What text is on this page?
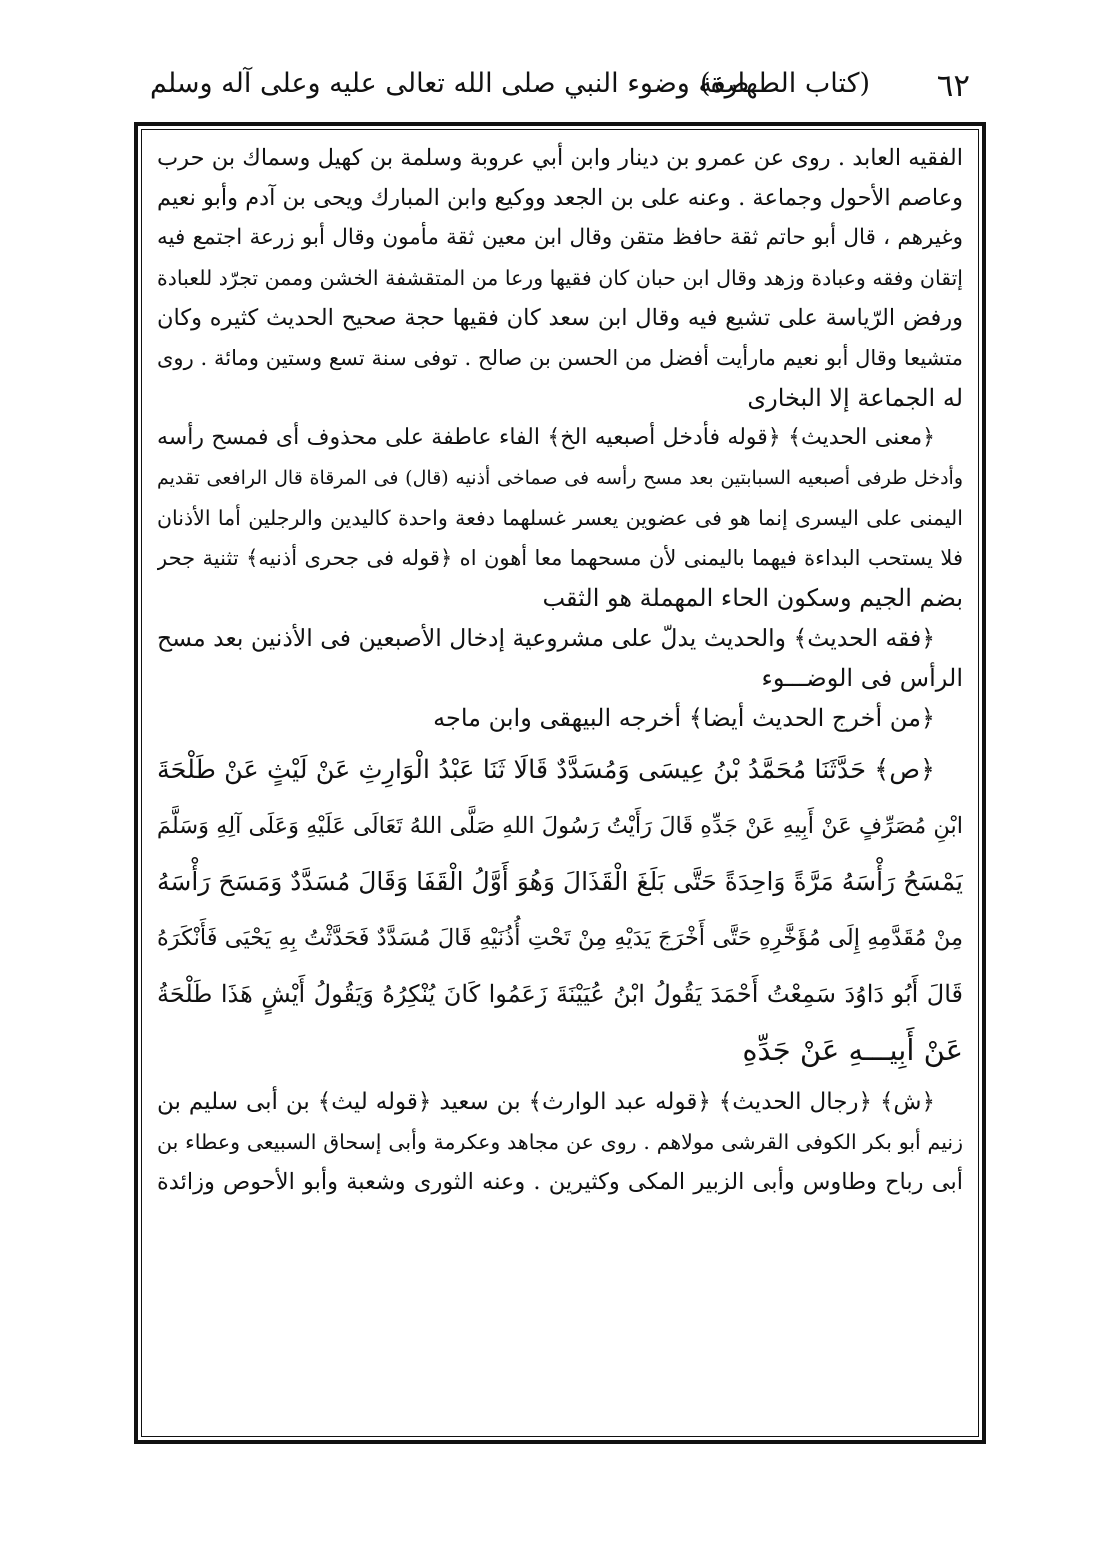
٦٢
(كتاب الطهارة)
صفة وضوء النبي صلى الله تعالى عليه وعلى آله وسلم
الفقيه العابد . روى عن عمرو بن دينار وابن أبي عروبة وسلمة بن كهيل وسماك بن حرب
وعاصم الأحول وجماعة . وعنه على بن الجعد ووكيع وابن المبارك ويحى بن آدم وأبو نعيم
وغيرهم ، قال أبو حاتم ثقة حافظ متقن وقال ابن معين ثقة مأمون وقال أبو زرعة اجتمع فيه
إتقان وفقه وعبادة وزهد وقال ابن حبان كان فقيها ورعا من المتقشفة الخشن وممن تجرّد للعبادة
ورفض الرّياسة على تشيع فيه وقال ابن سعد كان فقيها حجة صحيح الحديث كثيره وكان
متشيعا وقال أبو نعيم مارأيت أفضل من الحسن بن صالح . توفى سنة تسع وستين ومائة . روى
له الجماعة إلا البخارى
﴿معنى الحديث﴾ ﴿قوله فأدخل أصبعيه الخ﴾ الفاء عاطفة على محذوف أى فمسح رأسه
وأدخل طرفى أصبعيه السبابتين بعد مسح رأسه فى صماخى أذنيه (قال) فى المرقاة قال الرافعى تقديم
اليمنى على اليسرى إنما هو فى عضوين يعسر غسلهما دفعة واحدة كاليدين والرجلين أما الأذنان
فلا يستحب البداءة فيهما باليمنى لأن مسحهما معا أهون اه ﴿قوله فى جحرى أذنيه﴾ تثنية جحر
بضم الجيم وسكون الحاء المهملة هو الثقب
﴿فقه الحديث﴾ والحديث يدلّ على مشروعية إدخال الأصبعين فى الأذنين بعد مسح
الرأس فى الوضـــوء
﴿من أخرج الحديث أيضا﴾ أخرجه البيهقى وابن ماجه
﴿ص﴾ حَدَّثَنَا مُحَمَّدُ بْنُ عِيسَى وَمُسَدَّدٌ قَالَا ثَنَا عَبْدُ الْوَارِثِ عَنْ لَيْثٍ عَنْ طَلْحَةَ
ابْنِ مُصَرِّفٍ عَنْ أَبِيهِ عَنْ جَدِّهِ قَالَ رَأَيْتُ رَسُولَ اللهِ صَلَّى اللهُ تَعَالَى عَلَيْهِ وَعَلَى آلِهِ وَسَلَّمَ
يَمْسَحُ رَأْسَهُ مَرَّةً وَاحِدَةً حَتَّى بَلَغَ الْقَذَالَ وَهُوَ أَوَّلُ الْقَفَا وَقَالَ مُسَدَّدٌ وَمَسَحَ رَأْسَهُ
مِنْ مُقَدَّمِهِ إِلَى مُؤَخَّرِهِ حَتَّى أَخْرَجَ يَدَيْهِ مِنْ تَحْتِ أُذُنَيْهِ قَالَ مُسَدَّدٌ فَحَدَّثْتُ بِهِ يَحْيَى فَأَنْكَرَهُ
قَالَ أَبُو دَاوُدَ سَمِعْتُ أَحْمَدَ يَقُولُ ابْنُ عُيَيْنَةَ زَعَمُوا كَانَ يُنْكِرُهُ وَيَقُولُ أَيْشٍ هَذَا طَلْحَةُ
عَنْ أَبِيـــهِ عَنْ جَدِّهِ
﴿ش﴾ ﴿رجال الحديث﴾ ﴿قوله عبد الوارث﴾ بن سعيد ﴿قوله ليث﴾ بن أبى سليم بن
زنيم أبو بكر الكوفى القرشى مولاهم . روى عن مجاهد وعكرمة وأبى إسحاق السبيعى وعطاء بن
أبى رباح وطاوس وأبى الزبير المكى وكثيرين . وعنه الثورى وشعبة وأبو الأحوص وزائدة
